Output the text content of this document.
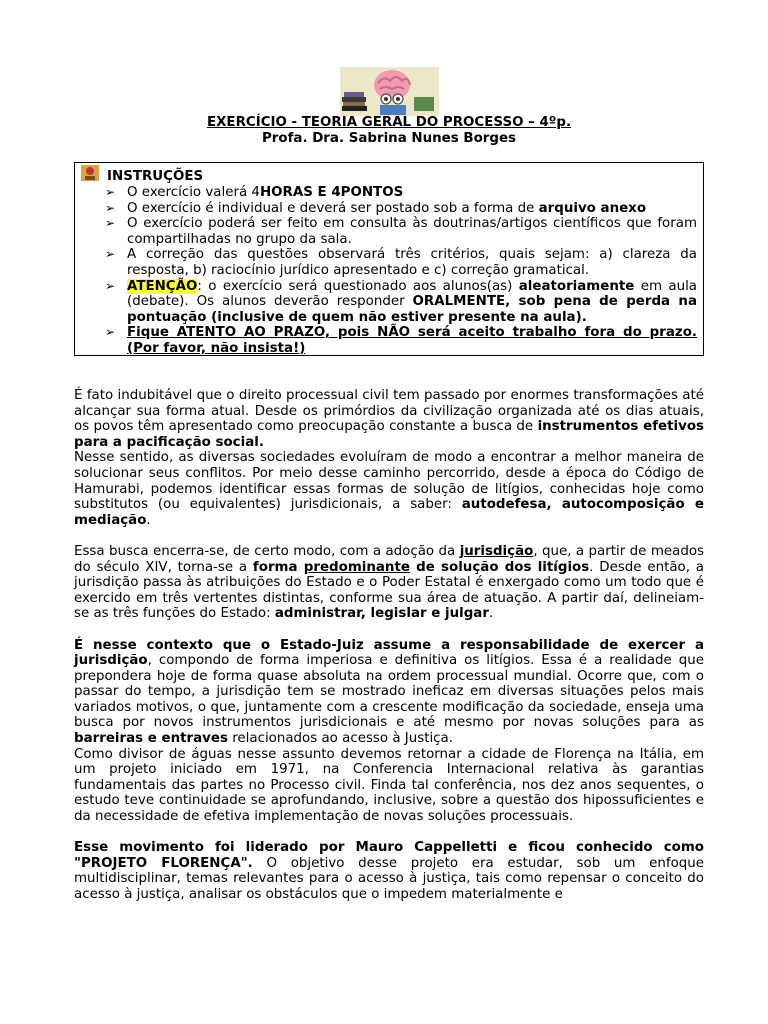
EXERCÍCIO - TEORIA GERAL DO PROCESSO – 4ºp.
Profa. Dra. Sabrina Nunes Borges
INSTRUÇÕES
➢ O exercício valerá 4HORAS E 4PONTOS
➢ O exercício é individual e deverá ser postado sob a forma de arquivo anexo
➢ O exercício poderá ser feito em consulta às doutrinas/artigos científicos que foram compartilhadas no grupo da sala.
➢ A correção das questões observará três critérios, quais sejam: a) clareza da resposta, b) raciocínio jurídico apresentado e c) correção gramatical.
➢ ATENÇÃO: o exercício será questionado aos alunos(as) aleatoriamente em aula (debate). Os alunos deverão responder ORALMENTE, sob pena de perda na pontuação (inclusive de quem não estiver presente na aula).
➢ Fique ATENTO AO PRAZO, pois NÃO será aceito trabalho fora do prazo. (Por favor, não insista!)

É fato indubitável que o direito processual civil tem passado por enormes transformações até alcançar sua forma atual. Desde os primórdios da civilização organizada até os dias atuais, os povos têm apresentado como preocupação constante a busca de instrumentos efetivos para a pacificação social.

Nesse sentido, as diversas sociedades evoluíram de modo a encontrar a melhor maneira de solucionar seus conflitos. Por meio desse caminho percorrido, desde a época do Código de Hamurabi, podemos identificar essas formas de solução de litígios, conhecidas hoje como substitutos (ou equivalentes) jurisdicionais, a saber: autodefesa, autocomposição e mediação.

Essa busca encerra-se, de certo modo, com a adoção da jurisdição, que, a partir de meados do século XIV, torna-se a forma predominante de solução dos litígios. Desde então, a jurisdição passa às atribuições do Estado e o Poder Estatal é enxergado como um todo que é exercido em três vertentes distintas, conforme sua área de atuação. A partir daí, delineiam-se as três funções do Estado: administrar, legislar e julgar.

É nesse contexto que o Estado-Juiz assume a responsabilidade de exercer a jurisdição, compondo de forma imperiosa e definitiva os litígios. Essa é a realidade que prepondera hoje de forma quase absoluta na ordem processual mundial. Ocorre que, com o passar do tempo, a jurisdição tem se mostrado ineficaz em diversas situações pelos mais variados motivos, o que, juntamente com a crescente modificação da sociedade, enseja uma busca por novos instrumentos jurisdicionais e até mesmo por novas soluções para as barreiras e entraves relacionados ao acesso à Justiça.

Como divisor de águas nesse assunto devemos retornar a cidade de Florença na Itália, em um projeto iniciado em 1971, na Conferencia Internacional relativa às garantias fundamentais das partes no Processo civil. Finda tal conferência, nos dez anos sequentes, o estudo teve continuidade se aprofundando, inclusive, sobre a questão dos hipossuficientes e da necessidade de efetiva implementação de novas soluções processuais.

Esse movimento foi liderado por Mauro Cappelletti e ficou conhecido como "PROJETO FLORENÇA". O objetivo desse projeto era estudar, sob um enfoque multidisciplinar, temas relevantes para o acesso à justiça, tais como repensar o conceito do acesso à justiça, analisar os obstáculos que o impedem materialmente e
